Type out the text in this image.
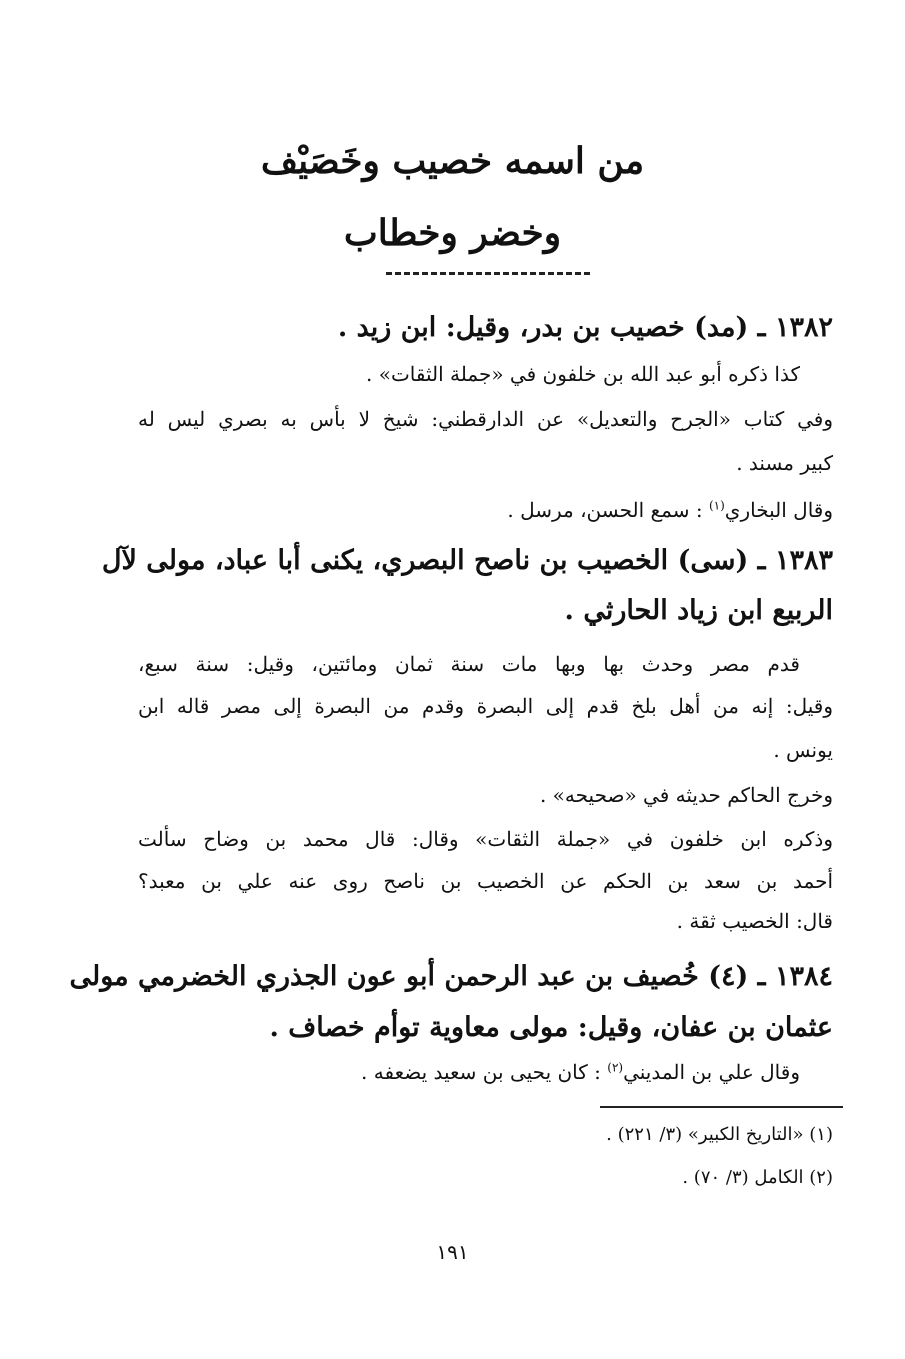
من اسمه خصيب وخَصَيْف
وخضر وخطاب
١٣٨٢ ـ (مد) خصيب بن بدر، وقيل: ابن زيد .
كذا ذكره أبو عبد الله بن خلفون في «جملة الثقات» .
وفي كتاب «الجرح والتعديل» عن الدارقطني: شيخ لا بأس به بصري ليس له
كبير مسند .
وقال البخاري$^{(١)}$ : سمع الحسن، مرسل .
١٣٨٣ ـ (سى) الخصيب بن ناصح البصري، يكنى أبا عباد، مولى لآل
الربيع ابن زياد الحارثي .
قدم مصر وحدث بها وبها مات سنة ثمان ومائتين، وقيل: سنة سبع،
وقيل: إنه من أهل بلخ قدم إلى البصرة وقدم من البصرة إلى مصر قاله ابن
يونس .
وخرج الحاكم حديثه في «صحيحه» .
وذكره ابن خلفون في «جملة الثقات» وقال: قال محمد بن وضاح سألت
أحمد بن سعد بن الحكم عن الخصيب بن ناصح روى عنه علي بن معبد؟
قال: الخصيب ثقة .
١٣٨٤ ـ (٤) خُصيف بن عبد الرحمن أبو عون الجذري الخضرمي مولى
عثمان بن عفان، وقيل: مولى معاوية توأم خصاف .
وقال علي بن المديني$^{(٢)}$ : كان يحيى بن سعيد يضعفه .
(١) «التاريخ الكبير» (٣/ ٢٢١) .
(٢) الكامل (٣/ ٧٠) .
١٩١
